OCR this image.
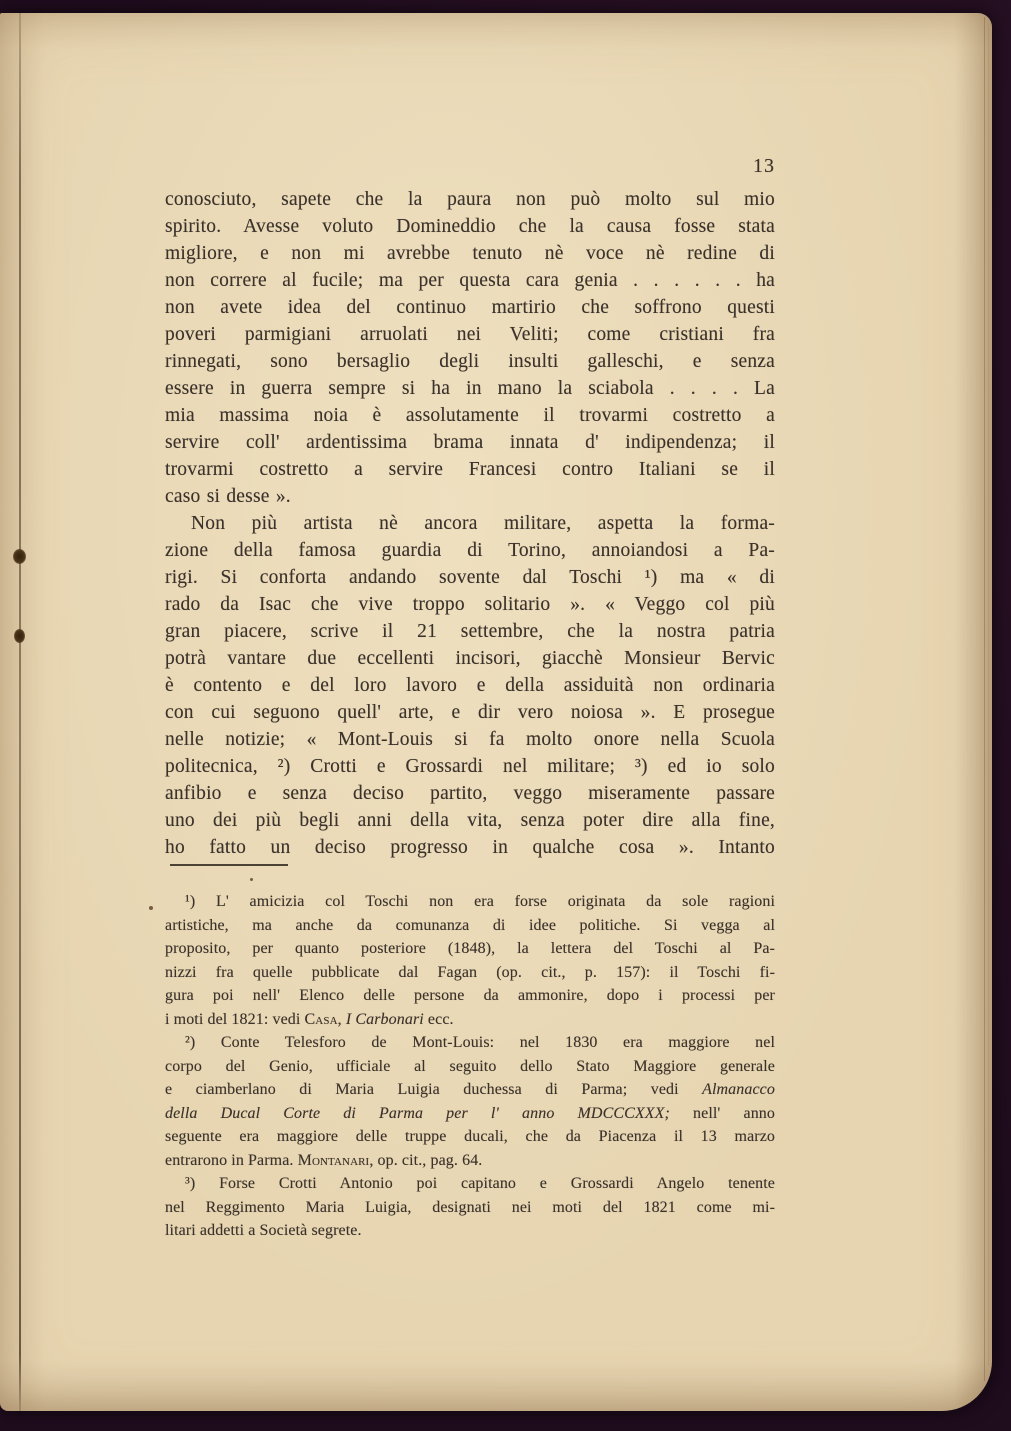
13
conosciuto, sapete che la paura non può molto sul mio
spirito. Avesse voluto Domineddio che la causa fosse stata
migliore, e non mi avrebbe tenuto nè voce nè redine di
non correre al fucile; ma per questa cara genia . . . . . . ha
non avete idea del continuo martirio che soffrono questi
poveri parmigiani arruolati nei Veliti; come cristiani fra
rinnegati, sono bersaglio degli insulti galleschi, e senza
essere in guerra sempre si ha in mano la sciabola . . . . La
mia massima noia è assolutamente il trovarmi costretto a
servire coll' ardentissima brama innata d' indipendenza; il
trovarmi costretto a servire Francesi contro Italiani se il
caso si desse ».
Non più artista nè ancora militare, aspetta la forma-
zione della famosa guardia di Torino, annoiandosi a Pa-
rigi. Si conforta andando sovente dal Toschi ¹) ma « di
rado da Isac che vive troppo solitario ». « Veggo col più
gran piacere, scrive il 21 settembre, che la nostra patria
potrà vantare due eccellenti incisori, giacchè Monsieur Bervic
è contento e del loro lavoro e della assiduità non ordinaria
con cui seguono quell' arte, e dir vero noiosa ». E prosegue
nelle notizie; « Mont-Louis si fa molto onore nella Scuola
politecnica, ²) Crotti e Grossardi nel militare; ³) ed io solo
anfibio e senza deciso partito, veggo miseramente passare
uno dei più begli anni della vita, senza poter dire alla fine,
ho fatto un deciso progresso in qualche cosa ». Intanto
¹) L' amicizia col Toschi non era forse originata da sole ragioni
artistiche, ma anche da comunanza di idee politiche. Si vegga al
proposito, per quanto posteriore (1848), la lettera del Toschi al Pa-
nizzi fra quelle pubblicate dal Fagan (op. cit., p. 157): il Toschi fi-
gura poi nell' Elenco delle persone da ammonire, dopo i processi per
i moti del 1821: vedi Casa, I Carbonari ecc.
²) Conte Telesforo de Mont-Louis: nel 1830 era maggiore nel
corpo del Genio, ufficiale al seguito dello Stato Maggiore generale
e ciamberlano di Maria Luigia duchessa di Parma; vedi Almanacco
della Ducal Corte di Parma per l' anno MDCCCXXX; nell' anno
seguente era maggiore delle truppe ducali, che da Piacenza il 13 marzo
entrarono in Parma. Montanari, op. cit., pag. 64.
³) Forse Crotti Antonio poi capitano e Grossardi Angelo tenente
nel Reggimento Maria Luigia, designati nei moti del 1821 come mi-
litari addetti a Società segrete.
